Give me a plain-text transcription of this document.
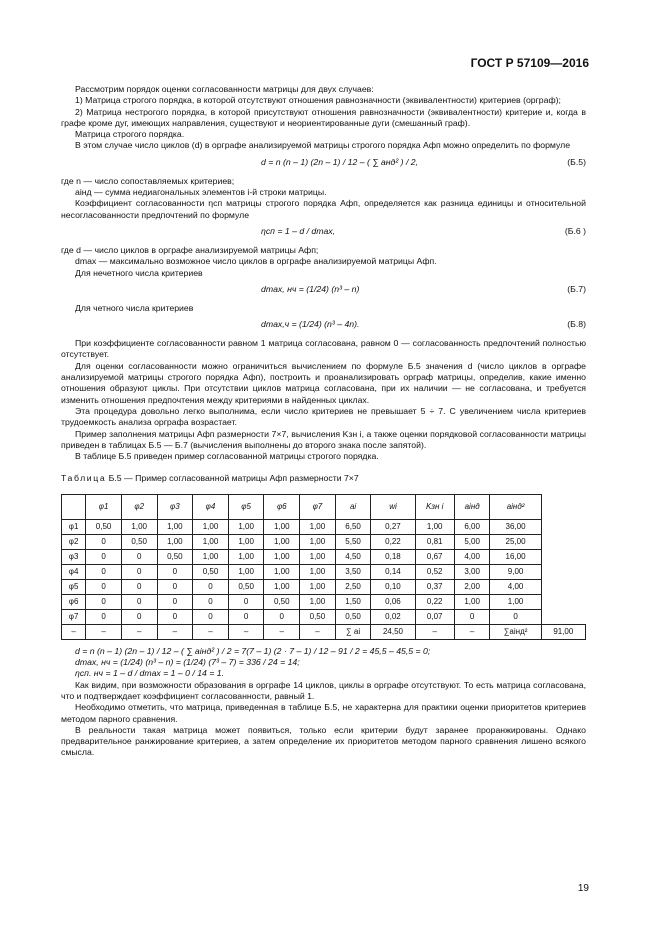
ГОСТ Р 57109—2016

Рассмотрим порядок оценки согласованности матрицы для двух случаев:

1) Матрица строгого порядка, в которой отсутствуют отношения равнозначности (эквивалентности) критериев (орграф);

2) Матрица нестрогого порядка, в которой присутствуют отношения равнозначности (эквивалентности) критерие и, когда в графе кроме дуг, имеющих направления, существуют и неориентированные дуги (смешанный граф).

Матрица строгого порядка.

В этом случае число циклов (d) в орграфе анализируемой матрицы строгого порядка Aфп можно определить по формуле

d = n (n – 1) (2n – 1) / 12 – ( ∑ aнд² ) / 2,	(Б.5)

где n — число сопоставляемых критериев;

aiнд — сумма недиагональных элементов i-й строки матрицы.

Коэффициент согласованности ηсп матрицы строгого порядка Aфп, определяется как разница единицы и относительной несогласованности предпочтений по формуле

ηсп = 1 – d / dmax,	(Б.6 )

где d — число циклов в орграфе анализируемой матрицы Aфп;

dmax — максимально возможное число циклов в орграфе анализируемой матрицы Aфп.

Для нечетного числа критериев

dmax, нч = (1/24) (n³ – n)	(Б.7)

Для четного числа критериев

dmax,ч = (1/24) (n³ – 4n).	(Б.8)

При коэффициенте согласованности равном 1 матрица согласована, равном 0 — согласованность предпочтений полностью отсутствует.

Для оценки согласованности можно ограничиться вычислением по формуле Б.5 значения d (число циклов в орграфе анализируемой матрицы строгого порядка Aфп), построить и проанализировать орграф матрицы, определив, какие именно отношения образуют циклы. При отсутствии циклов матрица согласована, при их наличии — не согласована, и требуется изменить отношения предпочтения между критериями в найденных циклах.

Эта процедура довольно легко выполнима, если число критериев не превышает 5 ÷ 7. С увеличением числа критериев трудоемкость анализа орграфа возрастает.

Пример заполнения матрицы Aфп размерности 7×7, вычисления Kзн i, а также оценки порядковой согласованности матрицы приведен в таблицах Б.5 — Б.7 (вычисления выполнены до второго знака после запятой).

В таблице Б.5 приведен пример согласованной матрицы строгого порядка.

Таблица Б.5 — Пример согласованной матрицы Aфп размерности 7×7
	φ1	φ2	φ3	φ4	φ5	φ6	φ7	ai	wi	Kзн i	aiнд	aiнд²	
φ1	0,50	1,00	1,00	1,00	1,00	1,00	1,00	6,50	0,27	1,00	6,00	36,00	
φ2	0	0,50	1,00	1,00	1,00	1,00	1,00	5,50	0,22	0,81	5,00	25,00	
φ3	0	0	0,50	1,00	1,00	1,00	1,00	4,50	0,18	0,67	4,00	16,00	
φ4	0	0	0	0,50	1,00	1,00	1,00	3,50	0,14	0,52	3,00	9,00	
φ5	0	0	0	0	0,50	1,00	1,00	2,50	0,10	0,37	2,00	4,00	
φ6	0	0	0	0	0	0,50	1,00	1,50	0,06	0,22	1,00	1,00	
φ7	0	0	0	0	0	0	0,50	0,50	0,02	0,07	0	0	
–	–	–	–	–	–	–	–	∑ ai	24,50	–	–	∑aiнд²	91,00

d = n (n – 1) (2n – 1) / 12 – ( ∑ aiнд² ) / 2 = 7(7 – 1) (2 · 7 – 1) / 12 – 91 / 2 = 45,5 – 45,5 = 0;

dmax, нч = (1/24) (n³ – n) = (1/24) (7³ – 7) = 336 / 24 = 14;

ηсп. нч = 1 – d / dmax = 1 – 0 / 14 = 1.

Как видим, при возможности образования в орграфе 14 циклов, циклы в орграфе отсутствуют. То есть матрица согласована, что и подтверждает коэффициент согласованности, равный 1.

Необходимо отметить, что матрица, приведенная в таблице Б.5, не характерна для практики оценки приоритетов критериев методом парного сравнения.

В реальности такая матрица может появиться, только если критерии будут заранее проранжированы. Однако предварительное ранжирование критериев, а затем определение их приоритетов методом парного сравнения лишено всякого смысла.

19
